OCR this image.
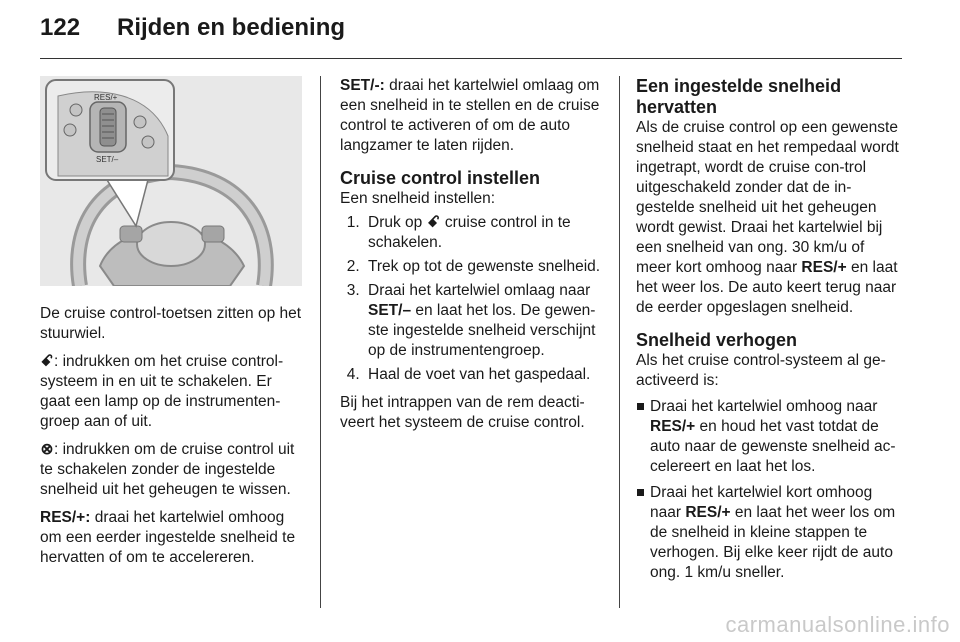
122	Rijden en bediening
RES/+
SET/–

De cruise control-toetsen zitten op het stuurwiel.

ꗃ: indrukken om het cruise control-systeem in en uit te schakelen. Er gaat een lamp op de instrumenten-groep aan of uit.

⊗: indrukken om de cruise control uit te schakelen zonder de ingestelde snelheid uit het geheugen te wissen.

RES/+: draai het kartelwiel omhoog om een eerder ingestelde snelheid te hervatten of om te accelereren.

SET/-: draai het kartelwiel omlaag om een snelheid in te stellen en de cruise control te activeren of om de auto langzamer te laten rijden.

Cruise control instellen

Een snelheid instellen:

1. Druk op ꗃ cruise control in te schakelen.
2. Trek op tot de gewenste snelheid.
3. Draai het kartelwiel omlaag naar SET/– en laat het los. De gewen-ste ingestelde snelheid verschijnt op de instrumentengroep.
4. Haal de voet van het gaspedaal.

Bij het intrappen van de rem deacti-veert het systeem de cruise control.

Een ingestelde snelheid hervatten

Als de cruise control op een gewenste snelheid staat en het rempedaal wordt ingetrapt, wordt de cruise con-trol uitgeschakeld zonder dat de in-gestelde snelheid uit het geheugen wordt gewist. Draai het kartelwiel bij een snelheid van ong. 30 km/u of meer kort omhoog naar RES/+ en laat het weer los. De auto keert terug naar de eerder opgeslagen snelheid.

Snelheid verhogen

Als het cruise control-systeem al ge-activeerd is:

Draai het kartelwiel omhoog naar RES/+ en houd het vast totdat de auto naar de gewenste snelheid ac-celereert en laat het los.
Draai het kartelwiel kort omhoog naar RES/+ en laat het weer los om de snelheid in kleine stappen te verhogen. Bij elke keer rijdt de auto ong. 1 km/u sneller.
carmanualsonline.info
